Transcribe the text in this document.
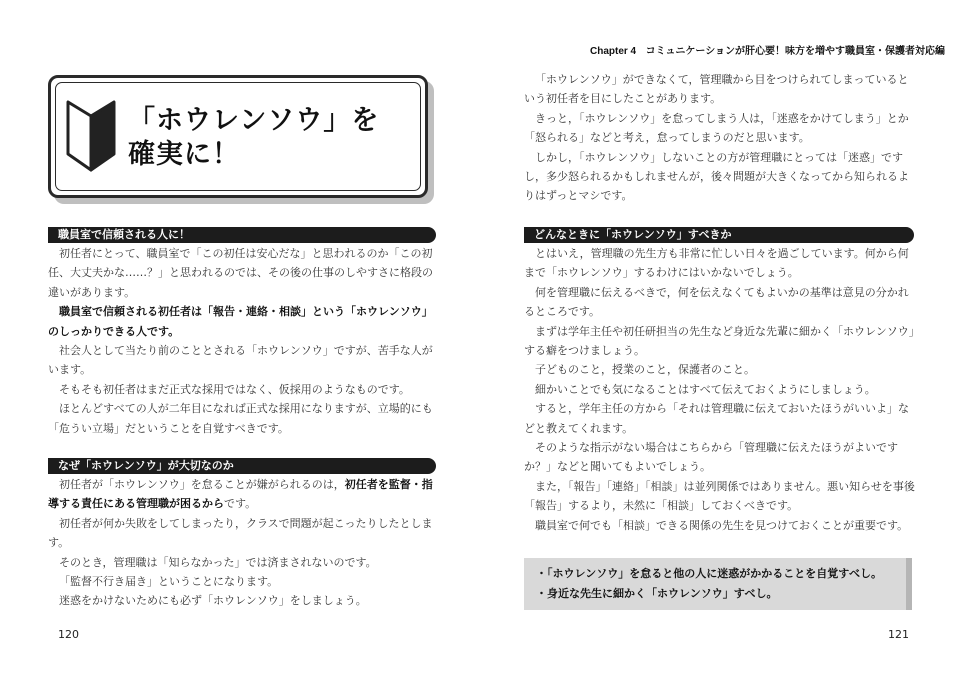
Chapter 4 コミュニケーションが肝心要！味方を増やす職員室・保護者対応編
「ホウレンソウ」を
確実に！
職員室で信頼される人に！

初任者にとって、職員室で「この初任は安心だな」と思われるのか「この初任、大丈夫かな……？」と思われるのでは、その後の仕事のしやすさに格段の違いがあります。

職員室で信頼される初任者は「報告・連絡・相談」という「ホウレンソウ」のしっかりできる人です。

社会人として当たり前のこととされる「ホウレンソウ」ですが、苦手な人がいます。

そもそも初任者はまだ正式な採用ではなく、仮採用のようなものです。

ほとんどすべての人が二年目になれば正式な採用になりますが、立場的にも「危うい立場」だということを自覚すべきです。

なぜ「ホウレンソウ」が大切なのか

初任者が「ホウレンソウ」を怠ることが嫌がられるのは，初任者を監督・指導する責任にある管理職が困るからです。

初任者が何か失敗をしてしまったり，クラスで問題が起こったりしたとします。

そのとき，管理職は「知らなかった」では済まされないのです。

「監督不行き届き」ということになります。

迷惑をかけないためにも必ず「ホウレンソウ」をしましょう。

120

「ホウレンソウ」ができなくて，管理職から目をつけられてしまっているという初任者を目にしたことがあります。

きっと，「ホウレンソウ」を怠ってしまう人は，「迷惑をかけてしまう」とか「怒られる」などと考え，怠ってしまうのだと思います。

しかし，「ホウレンソウ」しないことの方が管理職にとっては「迷惑」ですし，多少怒られるかもしれませんが，後々問題が大きくなってから知られるよりはずっとマシです。

どんなときに「ホウレンソウ」すべきか

とはいえ，管理職の先生方も非常に忙しい日々を過ごしています。何から何まで「ホウレンソウ」するわけにはいかないでしょう。

何を管理職に伝えるべきで，何を伝えなくてもよいかの基準は意見の分かれるところです。

まずは学年主任や初任研担当の先生など身近な先輩に細かく「ホウレンソウ」する癖をつけましょう。

子どものこと，授業のこと，保護者のこと。

細かいことでも気になることはすべて伝えておくようにしましょう。

すると，学年主任の方から「それは管理職に伝えておいたほうがいいよ」などと教えてくれます。

そのような指示がない場合はこちらから「管理職に伝えたほうがよいですか？」などと聞いてもよいでしょう。

また，「報告」「連絡」「相談」は並列関係ではありません。悪い知らせを事後「報告」するより，未然に「相談」しておくべきです。

職員室で何でも「相談」できる関係の先生を見つけておくことが重要です。

・「ホウレンソウ」を怠ると他の人に迷惑がかかることを自覚すべし。
・身近な先生に細かく「ホウレンソウ」すべし。
121
